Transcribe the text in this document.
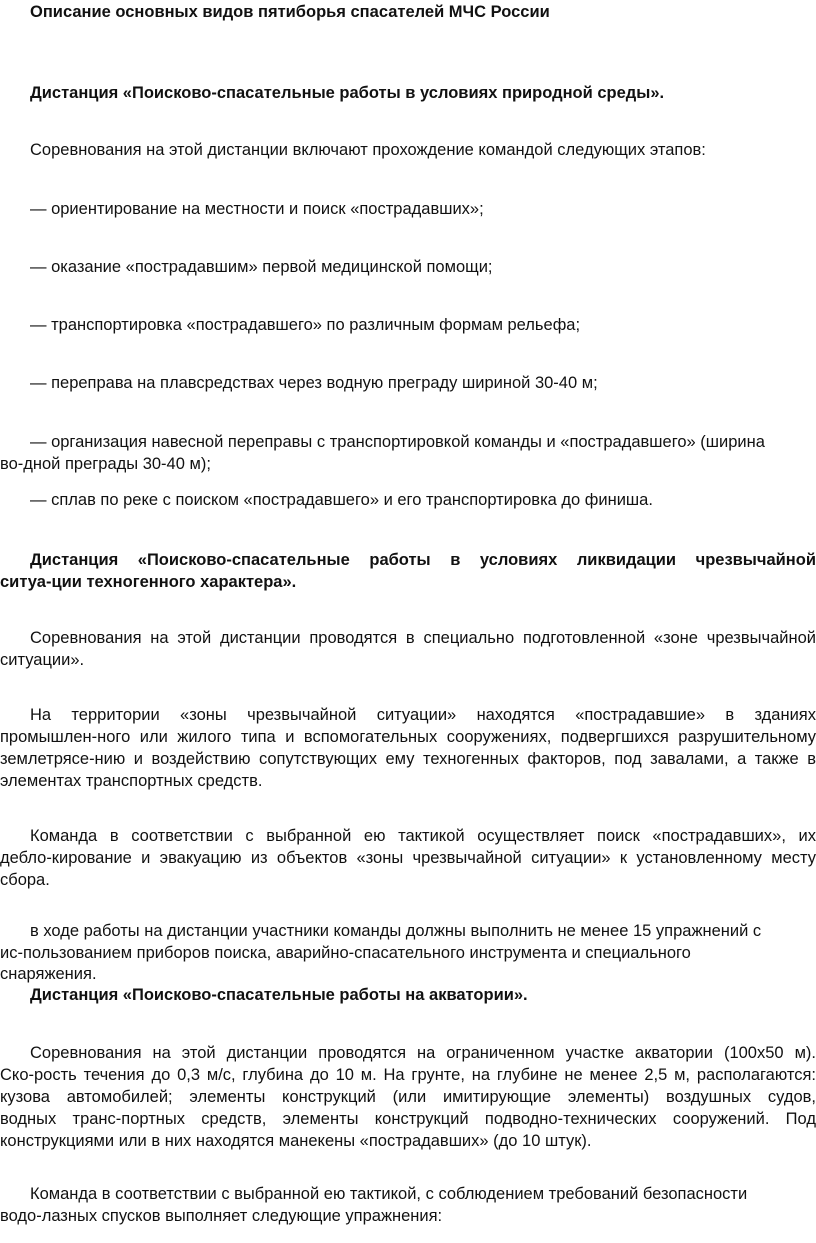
Описание основных видов пятиборья спасателей МЧС России
Дистанция «Поисково-спасательные работы в условиях природной среды».
Соревнования на этой дистанции включают прохождение командой следующих этапов:
— ориентирование на местности и поиск «пострадавших»;
— оказание «пострадавшим» первой медицинской помощи;
— транспортировка «пострадавшего» по различным формам рельефа;
— переправа на плавсредствах через водную преграду шириной 30-40 м;
— организация навесной переправы с транспортировкой команды и «пострадавшего» (ширина
во-дной преграды 30-40 м);
— сплав по реке с поиском «пострадавшего» и его транспортировка до финиша.
Дистанция «Поисково-спасательные работы в условиях ликвидации чрезвычайной
ситуа-ции техногенного характера».
Соревнования на этой дистанции проводятся в специально подготовленной «зоне чрезвычайной
ситуации».
На территории «зоны чрезвычайной ситуации» находятся «пострадавшие» в зданиях
промышлен-ного или жилого типа и вспомогательных сооружениях, подвергшихся разрушительному
землетрясе-нию и воздействию сопутствующих ему техногенных факторов, под завалами, а также в
элементах транспортных средств.
Команда в соответствии с выбранной ею тактикой осуществляет поиск «пострадавших», их
дебло-кирование и эвакуацию из объектов «зоны чрезвычайной ситуации» к установленному месту
сбора.
в ходе работы на дистанции участники команды должны выполнить не менее 15 упражнений с
ис-пользованием приборов поиска, аварийно-спасательного инструмента и специального
снаряжения.
Дистанция «Поисково-спасательные работы на акватории».
Соревнования на этой дистанции проводятся на ограниченном участке акватории (100х50 м).
Ско-рость течения до 0,3 м/с, глубина до 10 м. На грунте, на глубине не менее 2,5 м, располагаются:
кузова автомобилей; элементы конструкций (или имитирующие элементы) воздушных судов,
водных транс-портных средств, элементы конструкций подводно-технических сооружений. Под
конструкциями или в них находятся манекены «пострадавших» (до 10 штук).
Команда в соответствии с выбранной ею тактикой, с соблюдением требований безопасности
водо-лазных спусков выполняет следующие упражнения:
